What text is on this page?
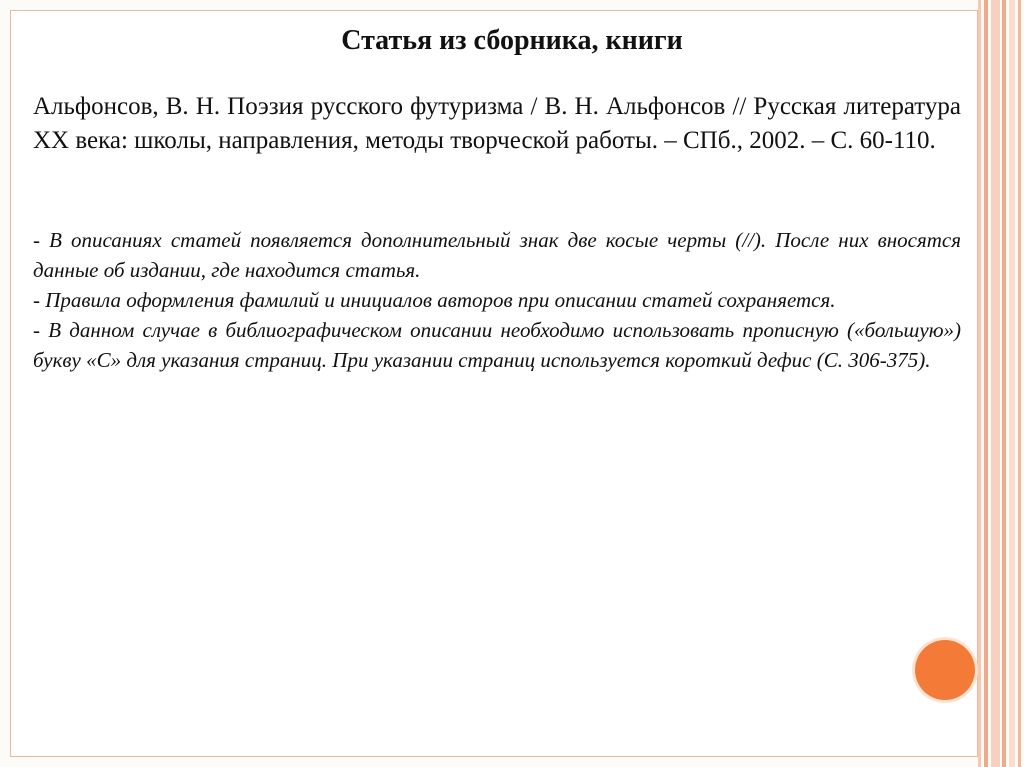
Статья из сборника, книги

Альфонсов, В. Н. Поэзия русского футуризма / В. Н. Альфонсов // Русская литература XX века: школы, направления, методы творческой работы. – СПб., 2002. – С. 60-110.

- В описаниях статей появляется дополнительный знак две косые черты (//). После них вносятся данные об издании, где находится статья.
- Правила оформления фамилий и инициалов авторов при описании статей сохраняется.
- В данном случае в библиографическом описании необходимо использовать прописную («большую») букву «С» для указания страниц. При указании страниц используется короткий дефис (С. 306-375).
